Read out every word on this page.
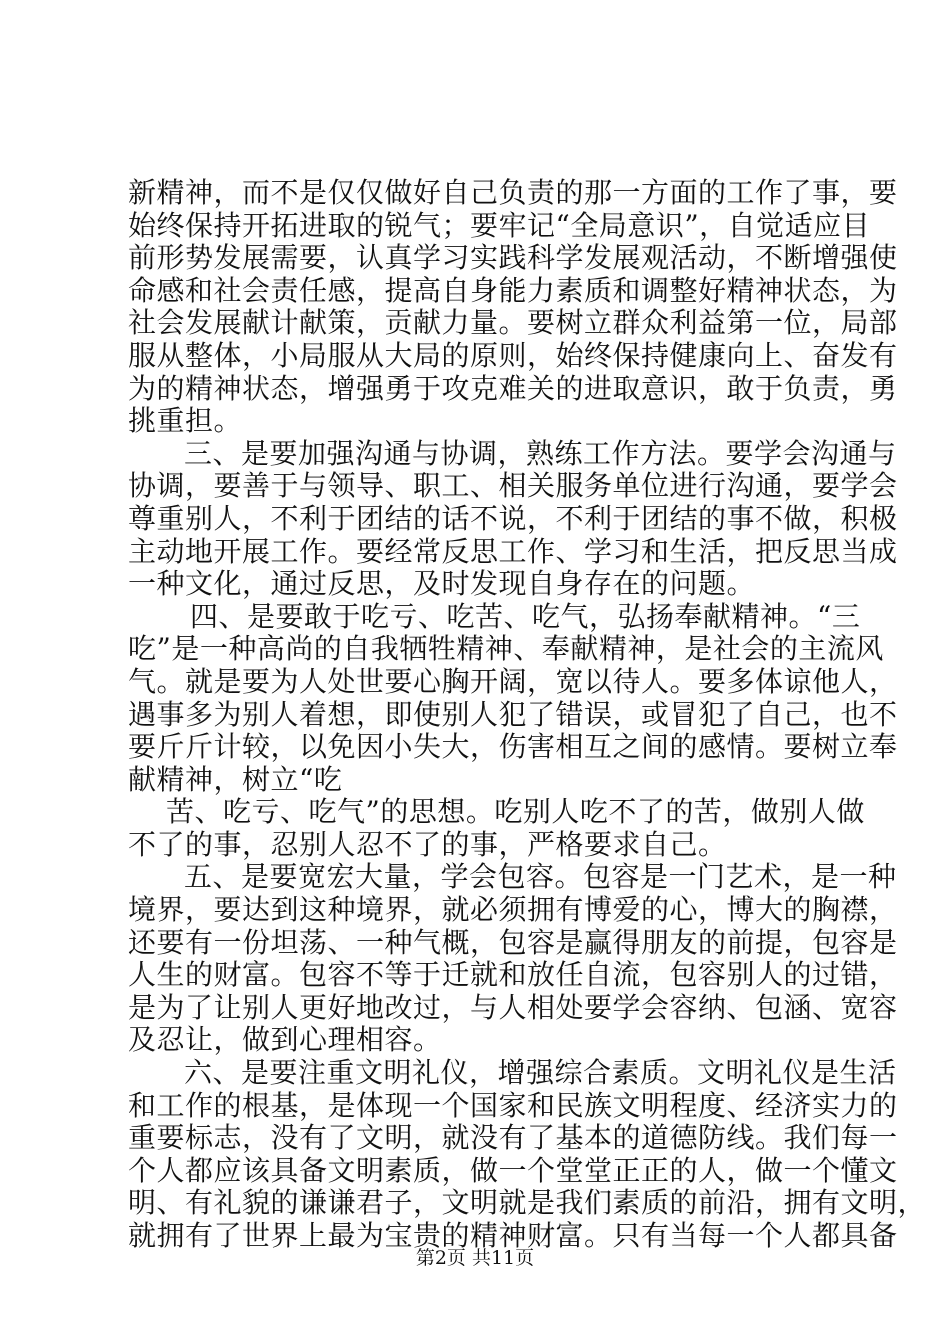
新精神，而不是仅仅做好自己负责的那一方面的工作了事，要
始终保持开拓进取的锐气；要牢记“全局意识”，自觉适应目
前形势发展需要，认真学习实践科学发展观活动，不断增强使
命感和社会责任感，提高自身能力素质和调整好精神状态，为
社会发展献计献策，贡献力量。要树立群众利益第一位，局部
服从整体，小局服从大局的原则，始终保持健康向上、奋发有
为的精神状态，增强勇于攻克难关的进取意识，敢于负责，勇
挑重担。
三、是要加强沟通与协调，熟练工作方法。要学会沟通与
协调，要善于与领导、职工、相关服务单位进行沟通，要学会
尊重别人，不利于团结的话不说，不利于团结的事不做，积极
主动地开展工作。要经常反思工作、学习和生活，把反思当成
一种文化，通过反思，及时发现自身存在的问题。
四、是要敢于吃亏、吃苦、吃气，弘扬奉献精神。“三
吃”是一种高尚的自我牺牲精神、奉献精神，是社会的主流风
气。就是要为人处世要心胸开阔，宽以待人。要多体谅他人，
遇事多为别人着想，即使别人犯了错误，或冒犯了自己，也不
要斤斤计较，以免因小失大，伤害相互之间的感情。要树立奉
献精神，树立“吃
苦、吃亏、吃气”的思想。吃别人吃不了的苦，做别人做
不了的事，忍别人忍不了的事，严格要求自己。
五、是要宽宏大量，学会包容。包容是一门艺术，是一种
境界，要达到这种境界，就必须拥有博爱的心，博大的胸襟，
还要有一份坦荡、一种气概，包容是赢得朋友的前提，包容是
人生的财富。包容不等于迁就和放任自流，包容别人的过错，
是为了让别人更好地改过，与人相处要学会容纳、包涵、宽容
及忍让，做到心理相容。
六、是要注重文明礼仪，增强综合素质。文明礼仪是生活
和工作的根基，是体现一个国家和民族文明程度、经济实力的
重要标志，没有了文明，就没有了基本的道德防线。我们每一
个人都应该具备文明素质，做一个堂堂正正的人，做一个懂文
明、有礼貌的谦谦君子，文明就是我们素质的前沿，拥有文明，
就拥有了世界上最为宝贵的精神财富。只有当每一个人都具备
第2页 共11页
